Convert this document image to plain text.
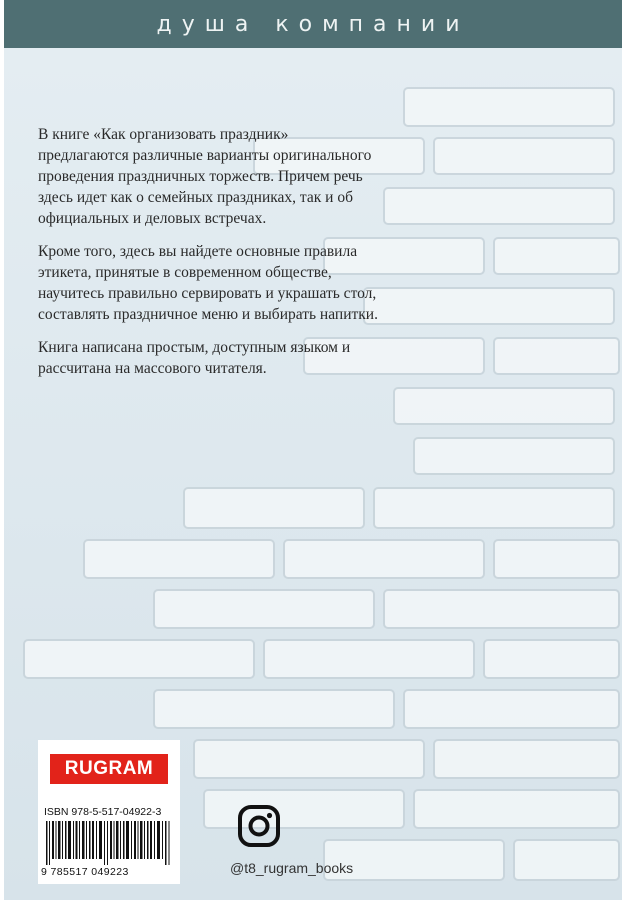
душа компании

В книге «Как организовать праздник» предлагаются различные варианты оригинального проведения праздничных торжеств. Причем речь здесь идет как о семейных праздниках, так и об официальных и деловых встречах.

Кроме того, здесь вы найдете основные правила этикета, принятые в современном обществе, научитесь правильно сервировать и украшать стол, составлять праздничное меню и выбирать напитки.

Книга написана простым, доступным языком и рассчитана на массового читателя.

RUGRAM
ISBN 978-5-517-04922-3
9 785517 049223	@t8_rugram_books
